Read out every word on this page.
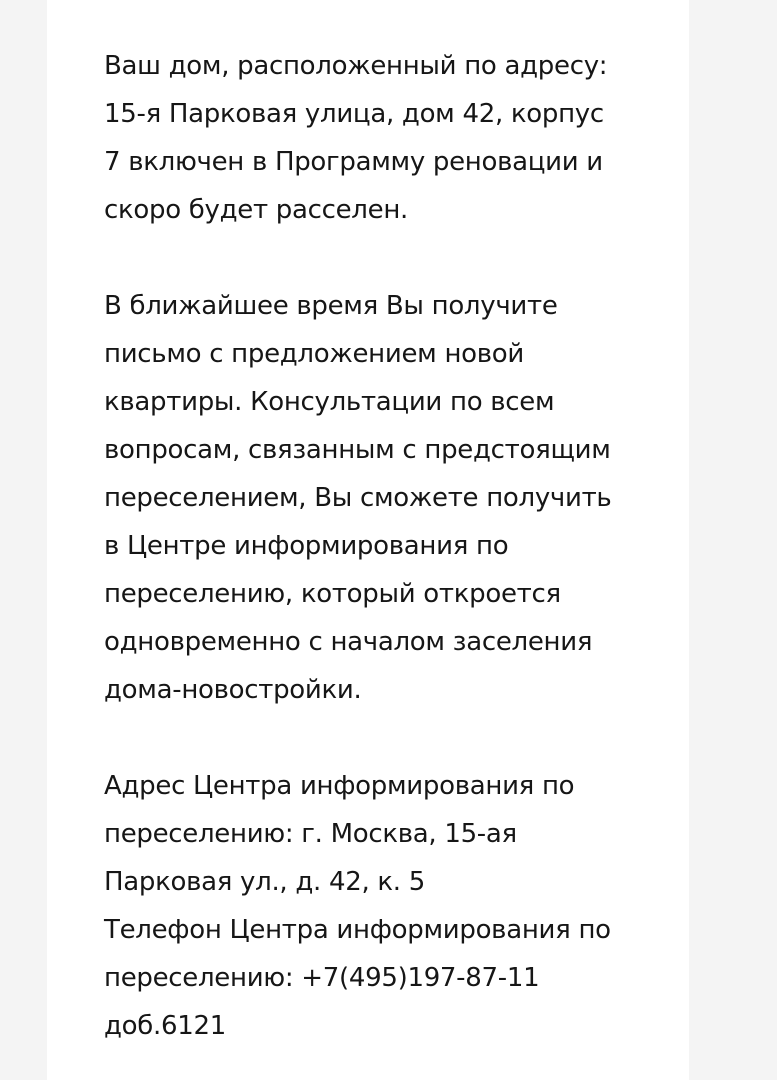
Ваш дом, расположенный по адресу:
15-я Парковая улица, дом 42, корпус
7 включен в Программу реновации и
скоро будет расселен.

В ближайшее время Вы получите
письмо с предложением новой
квартиры. Консультации по всем
вопросам, связанным с предстоящим
переселением, Вы сможете получить
в Центре информирования по
переселению, который откроется
одновременно с началом заселения
дома-новостройки.

Адрес Центра информирования по
переселению: г. Москва, 15-ая
Парковая ул., д. 42, к. 5
Телефон Центра информирования по
переселению: +7(495)197-87-11
доб.6121
